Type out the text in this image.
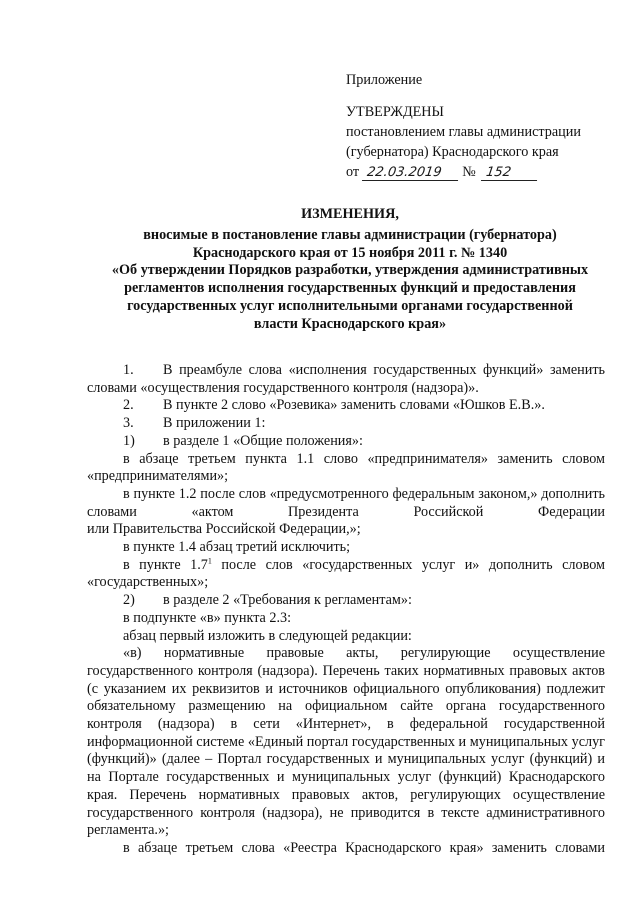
Приложение
УТВЕРЖДЕНЫ
постановлением главы администрации
(губернатора) Краснодарского края
от 22.03.2019 № 152
ИЗМЕНЕНИЯ,
вносимые в постановление главы администрации (губернатора)
Краснодарского края от 15 ноября 2011 г. № 1340
«Об утверждении Порядков разработки, утверждения административных
регламентов исполнения государственных функций и предоставления
государственных услуг исполнительными органами государственной
власти Краснодарского края»

1. В преамбуле слова «исполнения государственных функций» заменить словами «осуществления государственного контроля (надзора)».

2. В пункте 2 слово «Розевика» заменить словами «Юшков Е.В.».

3. В приложении 1:

1) в разделе 1 «Общие положения»:

в абзаце третьем пункта 1.1 слово «предпринимателя» заменить словом «предпринимателями»;

в пункте 1.2 после слов «предусмотренного федеральным законом,» дополнить словами «актом Президента Российской Федерации

или Правительства Российской Федерации,»;

в пункте 1.4 абзац третий исключить;

в пункте $1.7^1$ после слов «государственных услуг и» дополнить словом «государственных»;

2) в разделе 2 «Требования к регламентам»:

в подпункте «в» пункта 2.3:

абзац первый изложить в следующей редакции:

«в) нормативные правовые акты, регулирующие осуществление государственного контроля (надзора). Перечень таких нормативных правовых актов (с указанием их реквизитов и источников официального опубликования) подлежит обязательному размещению на официальном сайте органа государственного контроля (надзора) в сети «Интернет», в федеральной государственной информационной системе «Единый портал государственных и муниципальных услуг (функций)» (далее – Портал государственных и муниципальных услуг (функций) и на Портале государственных и муниципальных услуг (функций) Краснодарского края. Перечень нормативных правовых актов, регулирующих осуществление государственного контроля (надзора), не приводится в тексте административного регламента.»;

в абзаце третьем слова «Реестра Краснодарского края» заменить словами
